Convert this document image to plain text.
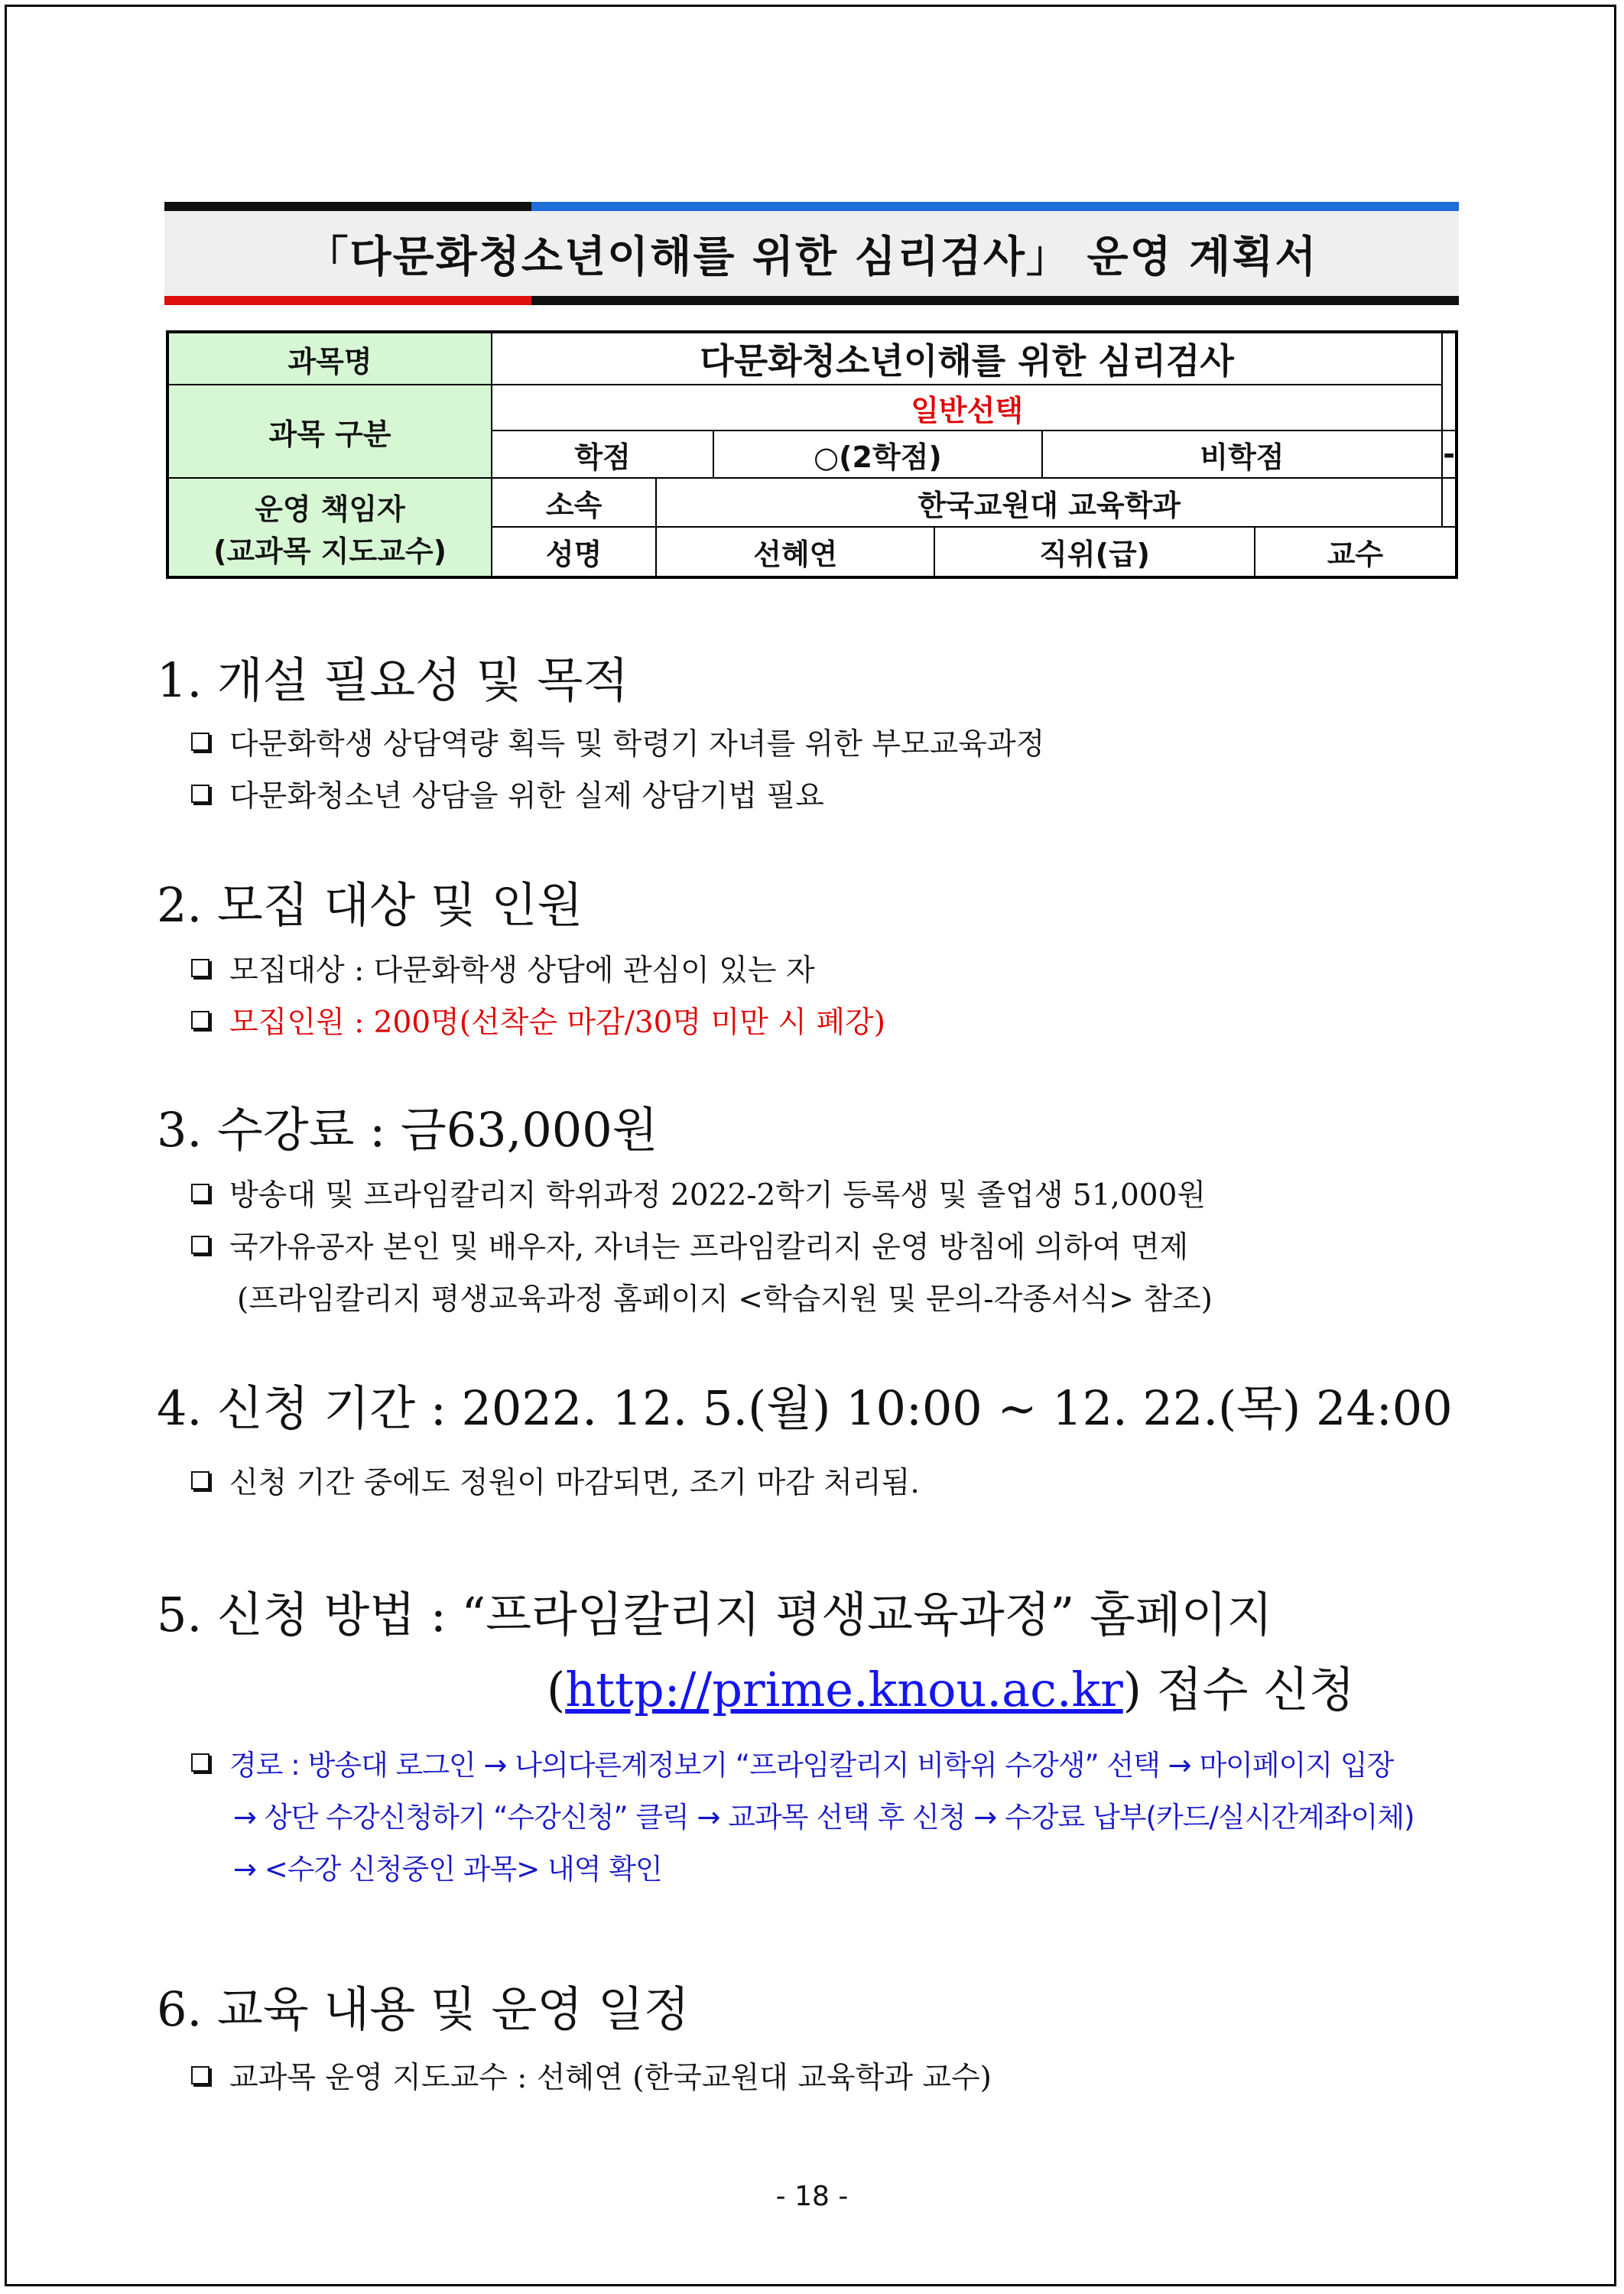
「다문화청소년이해를 위한 심리검사」 운영 계획서
과목명	다문화청소년이해를 위한 심리검사						
과목 구분	일반선택						
	학점		○(2학점)		비학점		-

운영 책임자
(교과목 지도교수)	소속	한국교원대 교육학과					
	성명	선혜연		직위(급)		교수	
1. 개설 필요성 및 목적
다문화학생 상담역량 획득 및 학령기 자녀를 위한 부모교육과정
다문화청소년 상담을 위한 실제 상담기법 필요
2. 모집 대상 및 인원
모집대상 : 다문화학생 상담에 관심이 있는 자
모집인원 : 200명(선착순 마감/30명 미만 시 폐강)
3. 수강료 : 금63,000원
방송대 및 프라임칼리지 학위과정 2022-2학기 등록생 및 졸업생 51,000원
국가유공자 본인 및 배우자, 자녀는 프라임칼리지 운영 방침에 의하여 면제
(프라임칼리지 평생교육과정 홈페이지 <학습지원 및 문의-각종서식> 참조)
4. 신청 기간 : 2022. 12. 5.(월) 10:00 ~ 12. 22.(목) 24:00
신청 기간 중에도 정원이 마감되면, 조기 마감 처리됨.
5. 신청 방법 : “프라임칼리지 평생교육과정” 홈페이지
(http://prime.knou.ac.kr) 접수 신청
경로 : 방송대 로그인 → 나의다른계정보기 “프라임칼리지 비학위 수강생” 선택 → 마이페이지 입장
→ 상단 수강신청하기 “수강신청” 클릭 → 교과목 선택 후 신청 → 수강료 납부(카드/실시간계좌이체)
→ <수강 신청중인 과목> 내역 확인
6. 교육 내용 및 운영 일정
교과목 운영 지도교수 : 선혜연 (한국교원대 교육학과 교수)
- 18 -
